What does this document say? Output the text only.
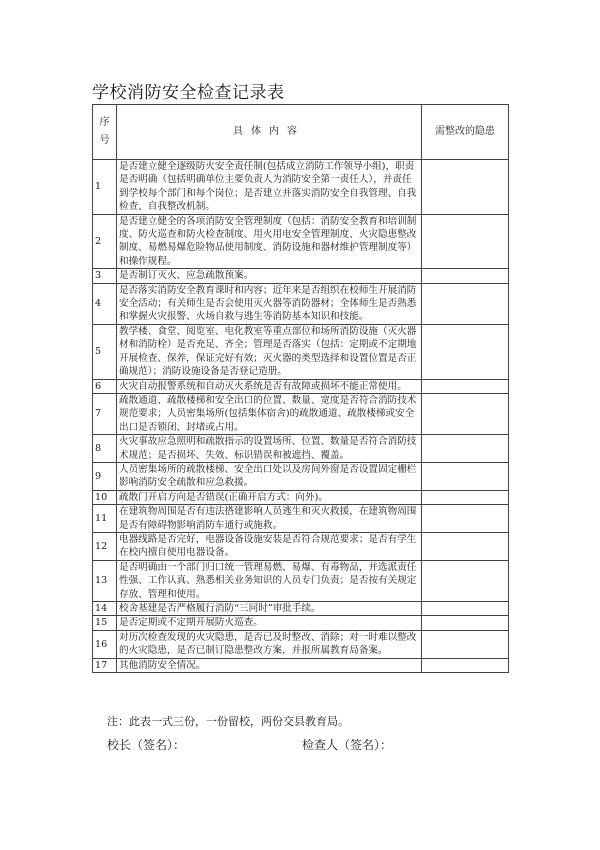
学校消防安全检查记录表
序
号	具体内容	需整改的隐患
1	是否建立健全逐级防火安全责任制(包括成立消防工作领导小组)，职责是否明确（包括明确单位主要负责人为消防安全第一责任人），并责任到学校每个部门和每个岗位；是否建立并落实消防安全自我管理、自我检查、自我整改机制。	
2	是否建立健全的各项消防安全管理制度（包括：消防安全教育和培训制度、防火巡查和防火检查制度、用火用电安全管理制度、火灾隐患整改制度、易燃易爆危险物品使用制度、消防设施和器材维护管理制度等）和操作规程。	
3	是否制订灭火、应急疏散预案。	
4	是否落实消防安全教育课时和内容；近年来是否组织在校师生开展消防安全活动；有关师生是否会使用灭火器等消防器材；全体师生是否熟悉和掌握火灾报警、火场自救与逃生等消防基本知识和技能。	
5	教学楼、食堂、阅览室、电化教室等重点部位和场所消防设施（灭火器材和消防栓）是否充足、齐全；管理是否落实（包括：定期或不定期地开展检查、保养，保证完好有效；灭火器的类型选择和设置位置是否正确规范）；消防设施设备是否登记造册。	
6	火灾自动报警系统和自动灭火系统是否有故障或损坏不能正常使用。	
7	疏散通道、疏散楼梯和安全出口的位置、数量、宽度是否符合消防技术规范要求；人员密集场所(包括集体宿舍)的疏散通道、疏散楼梯或安全出口是否锁闭、封堵或占用。	
8	火灾事故应急照明和疏散指示的设置场所、位置、数量是否符合消防技术规范；是否损坏、失效、标识错误和被遮挡、覆盖。	
9	人员密集场所的疏散楼梯、安全出口处以及房间外窗是否设置固定栅栏影响消防安全疏散和应急救援。	
10	疏散门开启方向是否错误(正确开启方式：向外)。	
11	在建筑物周围是否有违法搭建影响人员逃生和灭火救援，在建筑物周围是否有障碍物影响消防车通行或施救。	
12	电器线路是否完好，电器设备设施安装是否符合规范要求；是否有学生在校内擅自使用电器设备。	
13	是否明确由一个部门归口统一管理易燃、易爆、有毒物品，并选派责任性强、工作认真、熟悉相关业务知识的人员专门负责；是否按有关规定存放、管理和使用。	
14	校舍基建是否严格履行消防“三同时”审批手续。	
15	是否定期或不定期开展防火巡查。	
16	对历次检查发现的火灾隐患，是否已及时整改、消除；对一时难以整改的火灾隐患，是否已制订隐患整改方案，并报所属教育局备案。	
17	其他消防安全情况。	
注：此表一式三份，一份留校，两份交县教育局。
校长（签名）：	检查人（签名）：
